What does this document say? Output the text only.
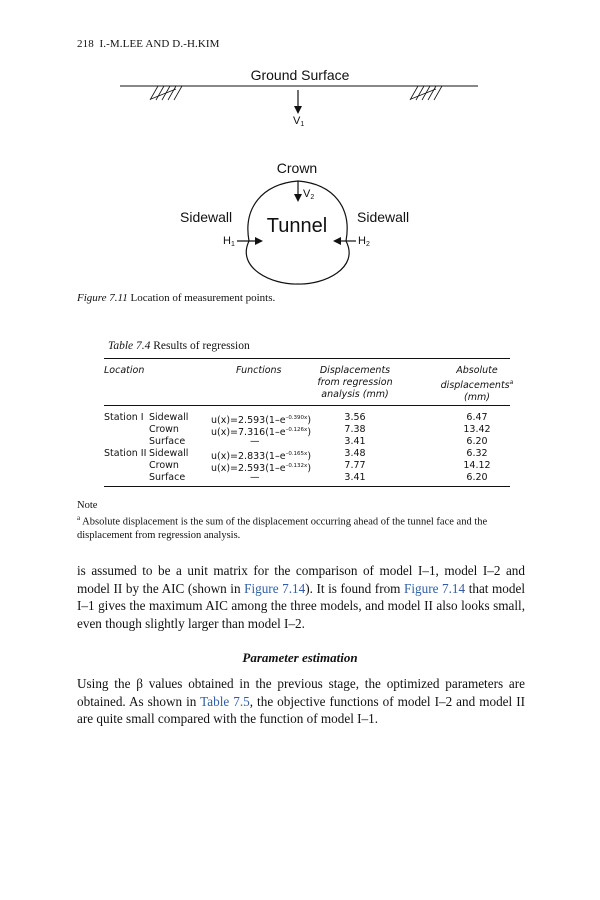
218 I.-M.LEE AND D.-H.KIM
Ground Surface
V1
Crown
V2
Tunnel
Sidewall	Sidewall
H1	H2
Figure 7.11 Location of measurement points.
Table 7.4 Results of regression
Location	Functions	Displacements
from regression
analysis (mm)
Absolute
displacements$^a$
(mm)
Station I Sidewall $u(x)=2.593(1-e^{-0.390x})$	3.56	6.47
Crown	$u(x)=7.316(1-e^{-0.126x})$	7.38	13.42
Surface	—	3.41	6.20
Station II Sidewall $u(x)=2.833(1-e^{-0.165x})$	3.48	6.32
Crown	$u(x)=2.593(1-e^{-0.132x})$	7.77	14.12
Surface	—	3.41	6.20
Note
$^a$ Absolute displacement is the sum of the displacement occurring ahead of the tunnel face and the displacement from regression analysis.
is assumed to be a unit matrix for the comparison of model I–1, model I–2 and model II by the AIC (shown in Figure 7.14). It is found from Figure 7.14 that model I–1 gives the maximum AIC among the three models, and model II also looks small, even though slightly larger than model I–2.
Parameter estimation
Using the β values obtained in the previous stage, the optimized parameters are obtained. As shown in Table 7.5, the objective functions of model I–2 and model II are quite small compared with the function of model I–1.
